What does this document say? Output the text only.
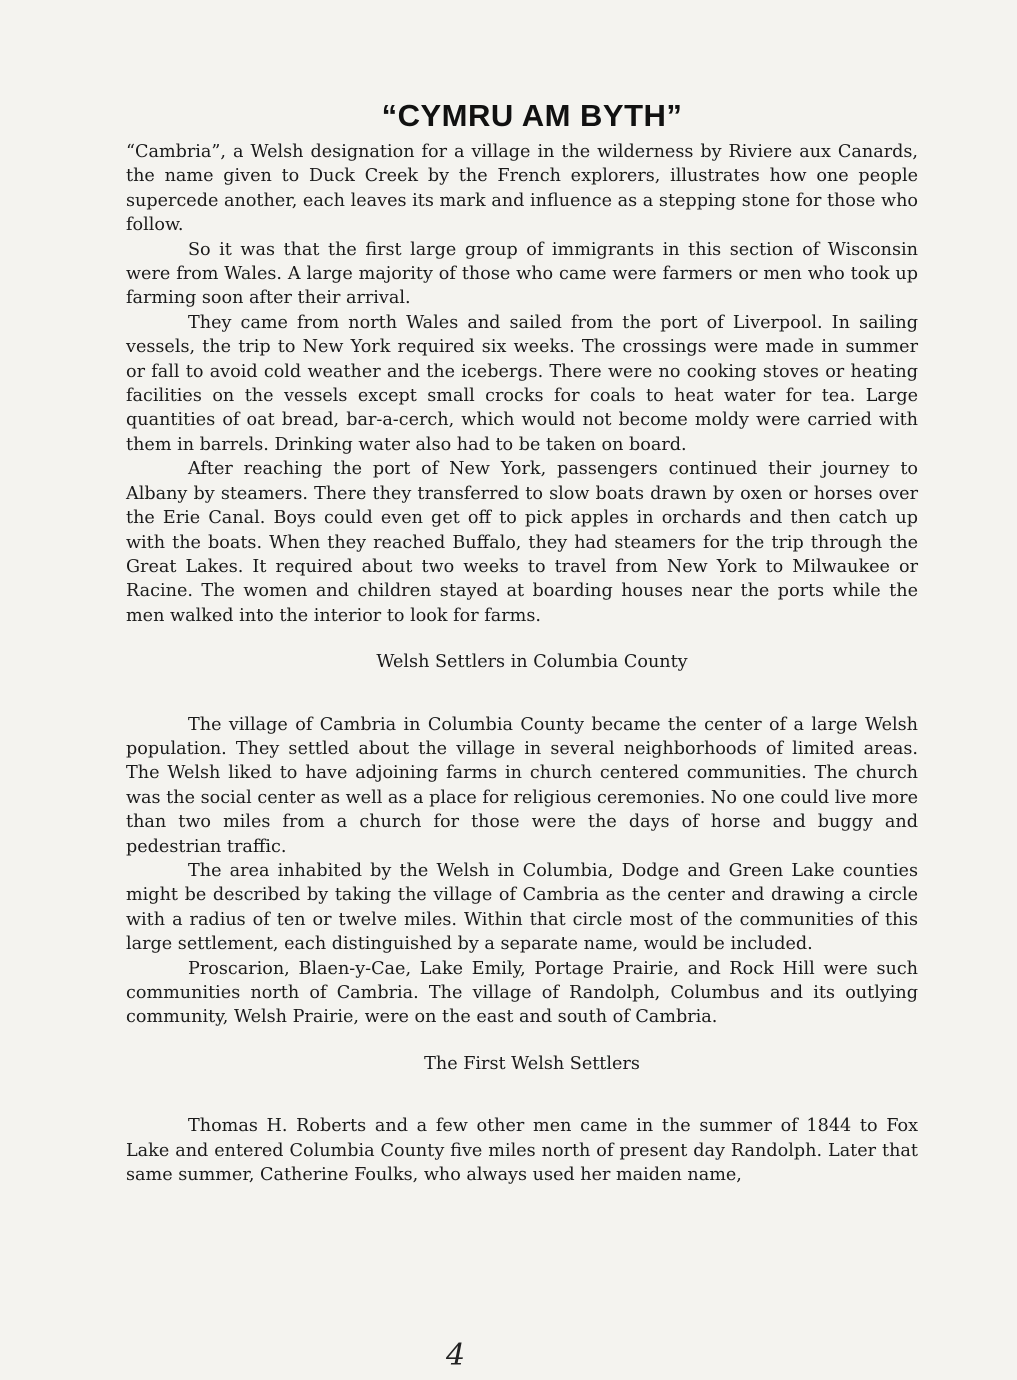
“CYMRU AM BYTH”

“Cambria”, a Welsh designation for a village in the wilderness by Riviere aux Canards, the name given to Duck Creek by the French explorers, illustrates how one people supercede another, each leaves its mark and influence as a stepping stone for those who follow.

So it was that the first large group of immigrants in this section of Wisconsin were from Wales. A large majority of those who came were farmers or men who took up farming soon after their arrival.

They came from north Wales and sailed from the port of Liverpool. In sailing vessels, the trip to New York required six weeks. The crossings were made in summer or fall to avoid cold weather and the icebergs. There were no cooking stoves or heating facilities on the vessels except small crocks for coals to heat water for tea. Large quantities of oat bread, bar-a-cerch, which would not become moldy were carried with them in barrels. Drinking water also had to be taken on board.

After reaching the port of New York, passengers continued their journey to Albany by steamers. There they transferred to slow boats drawn by oxen or horses over the Erie Canal. Boys could even get off to pick apples in orchards and then catch up with the boats. When they reached Buffalo, they had steamers for the trip through the Great Lakes. It required about two weeks to travel from New York to Milwaukee or Racine. The women and children stayed at boarding houses near the ports while the men walked into the interior to look for farms.

Welsh Settlers in Columbia County

The village of Cambria in Columbia County became the center of a large Welsh population. They settled about the village in several neighborhoods of limited areas. The Welsh liked to have adjoining farms in church centered communities. The church was the social center as well as a place for religious ceremonies. No one could live more than two miles from a church for those were the days of horse and buggy and pedestrian traffic.

The area inhabited by the Welsh in Columbia, Dodge and Green Lake counties might be described by taking the village of Cambria as the center and drawing a circle with a radius of ten or twelve miles. Within that circle most of the communities of this large settlement, each distinguished by a separate name, would be included.

Proscarion, Blaen-y-Cae, Lake Emily, Portage Prairie, and Rock Hill were such communities north of Cambria. The village of Randolph, Columbus and its outlying community, Welsh Prairie, were on the east and south of Cambria.

The First Welsh Settlers

Thomas H. Roberts and a few other men came in the summer of 1844 to Fox Lake and entered Columbia County five miles north of present day Randolph. Later that same summer, Catherine Foulks, who always used her maiden name,

4
